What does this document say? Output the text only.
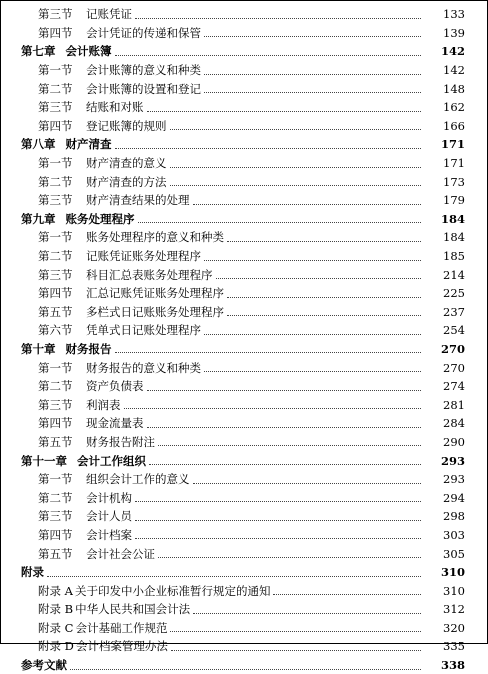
第三节	记账凭证	133
第四节	会计凭证的传递和保管	139
第七章 会计账簿	142
第一节	会计账簿的意义和种类	142
第二节	会计账簿的设置和登记	148
第三节	结账和对账	162
第四节	登记账簿的规则	166
第八章 财产清查	171
第一节	财产清查的意义	171
第二节	财产清查的方法	173
第三节	财产清查结果的处理	179
第九章 账务处理程序	184
第一节	账务处理程序的意义和种类	184
第二节	记账凭证账务处理程序	185
第三节	科目汇总表账务处理程序	214
第四节	汇总记账凭证账务处理程序	225
第五节	多栏式日记账账务处理程序	237
第六节	凭单式日记账处理程序	254
第十章 财务报告	270
第一节	财务报告的意义和种类	270
第二节	资产负债表	274
第三节	利润表	281
第四节	现金流量表	284
第五节	财务报告附注	290
第十一章 会计工作组织	293
第一节	组织会计工作的意义	293
第二节	会计机构	294
第三节	会计人员	298
第四节	会计档案	303
第五节	会计社会公证	305
附录	310
附录 A 关于印发中小企业标准暂行规定的通知	310
附录 B 中华人民共和国会计法	312
附录 C 会计基础工作规范	320
附录 D 会计档案管理办法	335
参考文献	338
